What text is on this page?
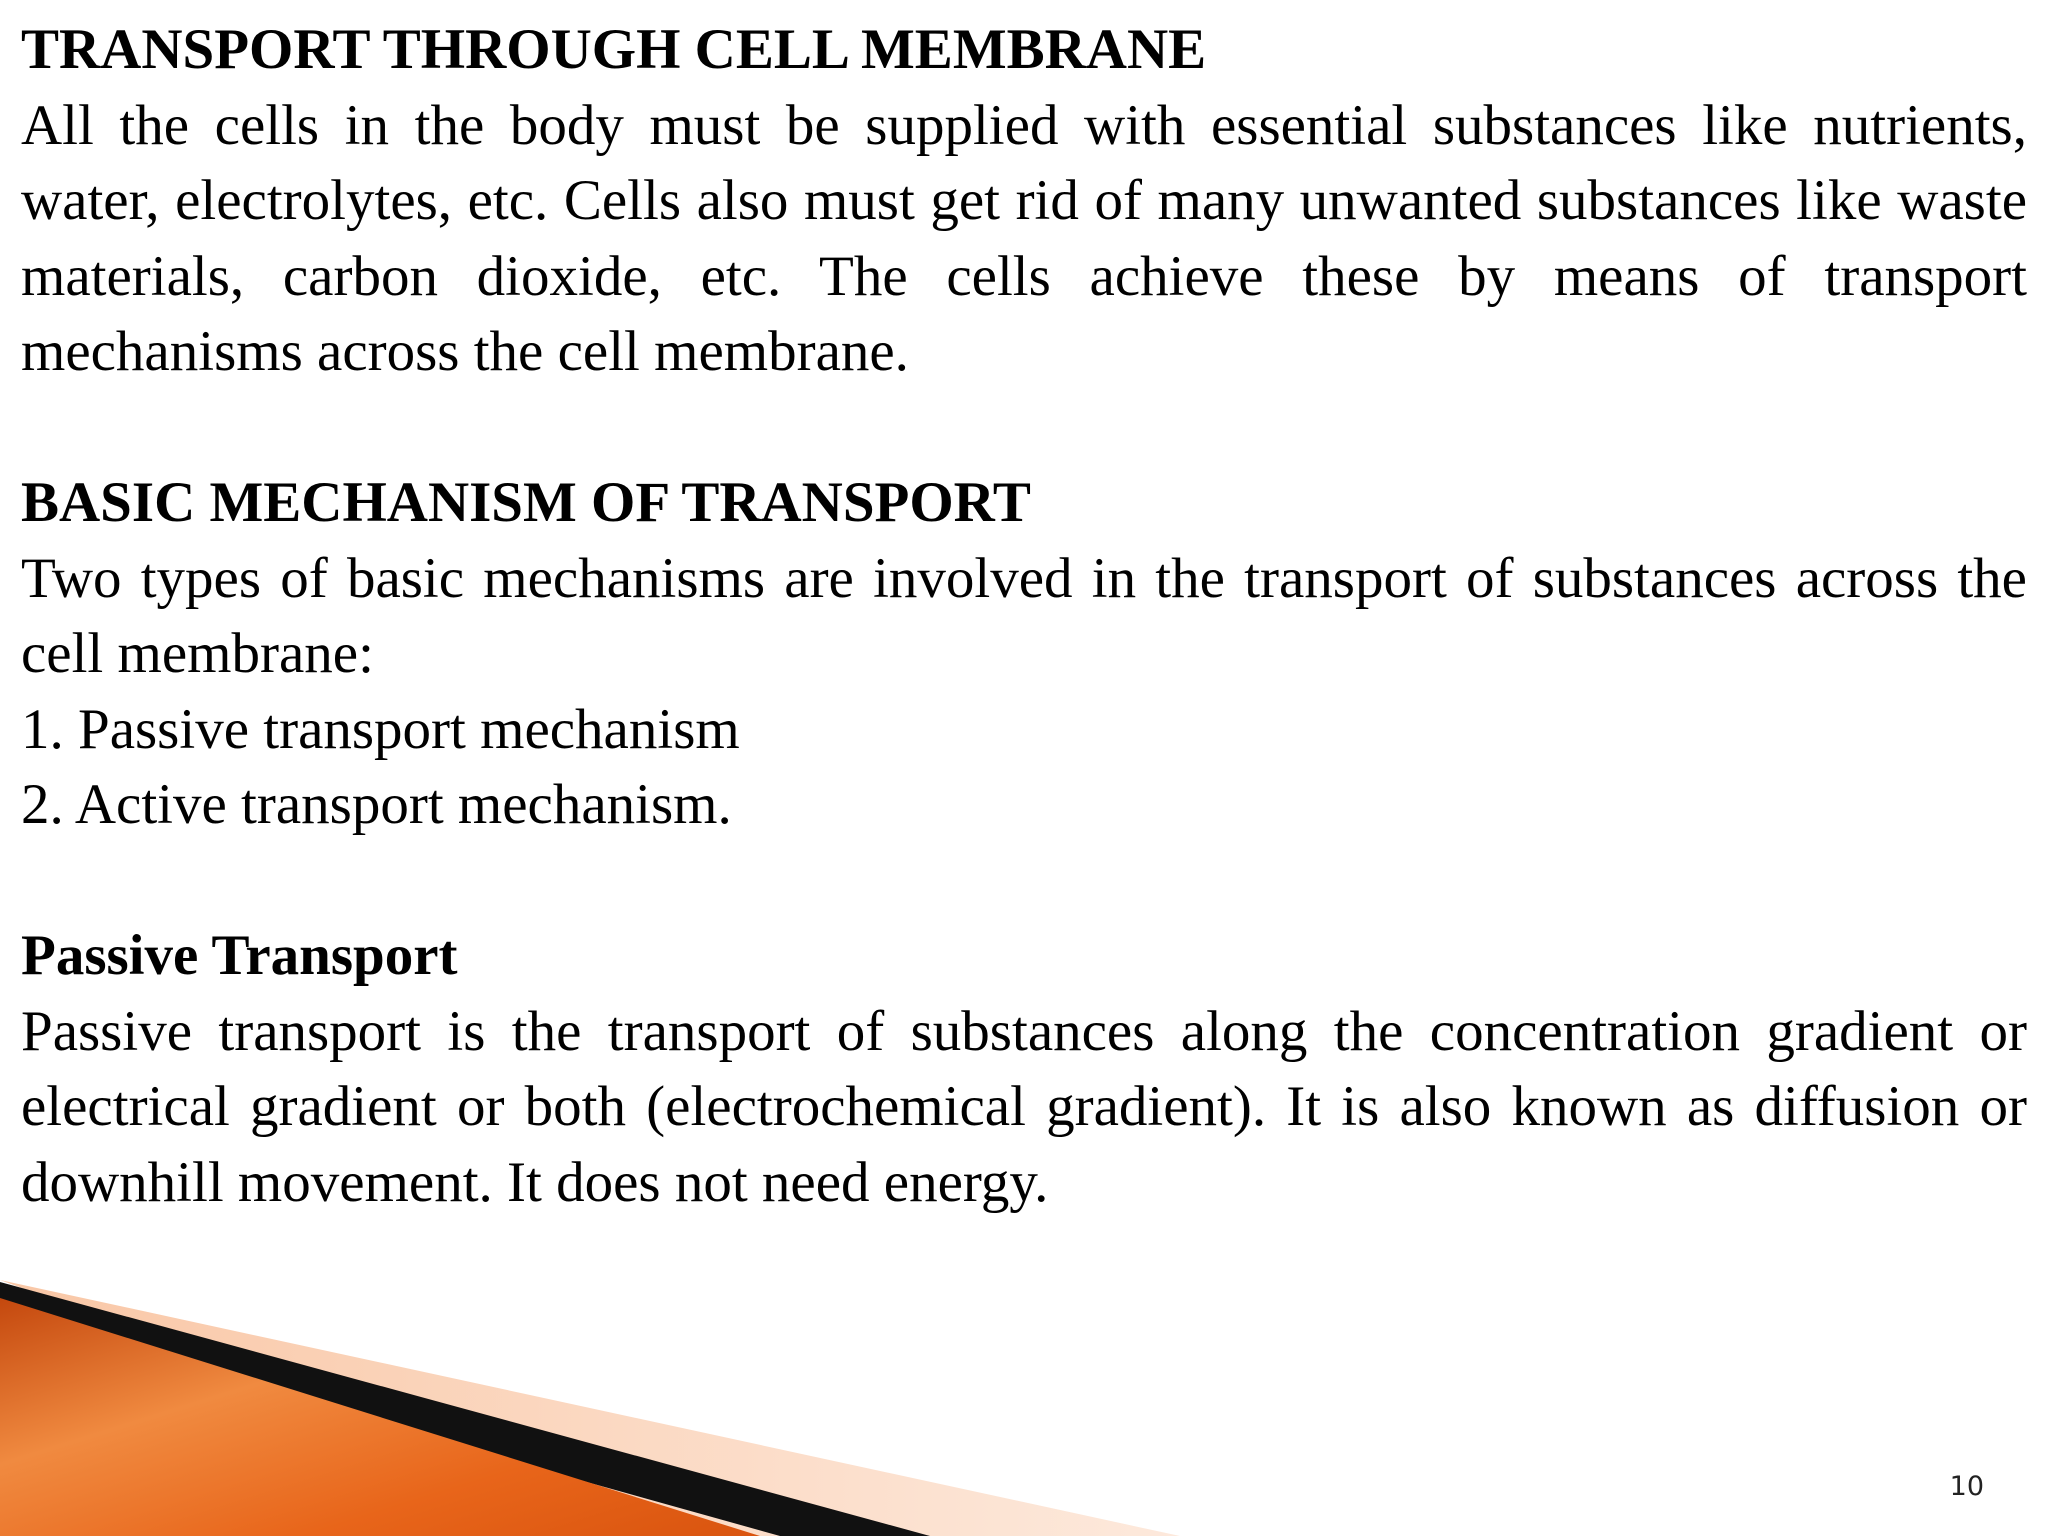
TRANSPORT THROUGH CELL MEMBRANE

All the cells in the body must be supplied with essential substances like nutrients, water, electrolytes, etc. Cells also must get rid of many unwanted substances like waste materials, carbon dioxide, etc. The cells achieve these by means of transport mechanisms across the cell membrane.

BASIC MECHANISM OF TRANSPORT

Two types of basic mechanisms are involved in the transport of substances across the cell membrane:

1. Passive transport mechanism
2. Active transport mechanism.
Passive Transport

Passive transport is the transport of substances along the concentration gradient or electrical gradient or both (electrochemical gradient). It is also known as diffusion or downhill movement. It does not need energy.

10
